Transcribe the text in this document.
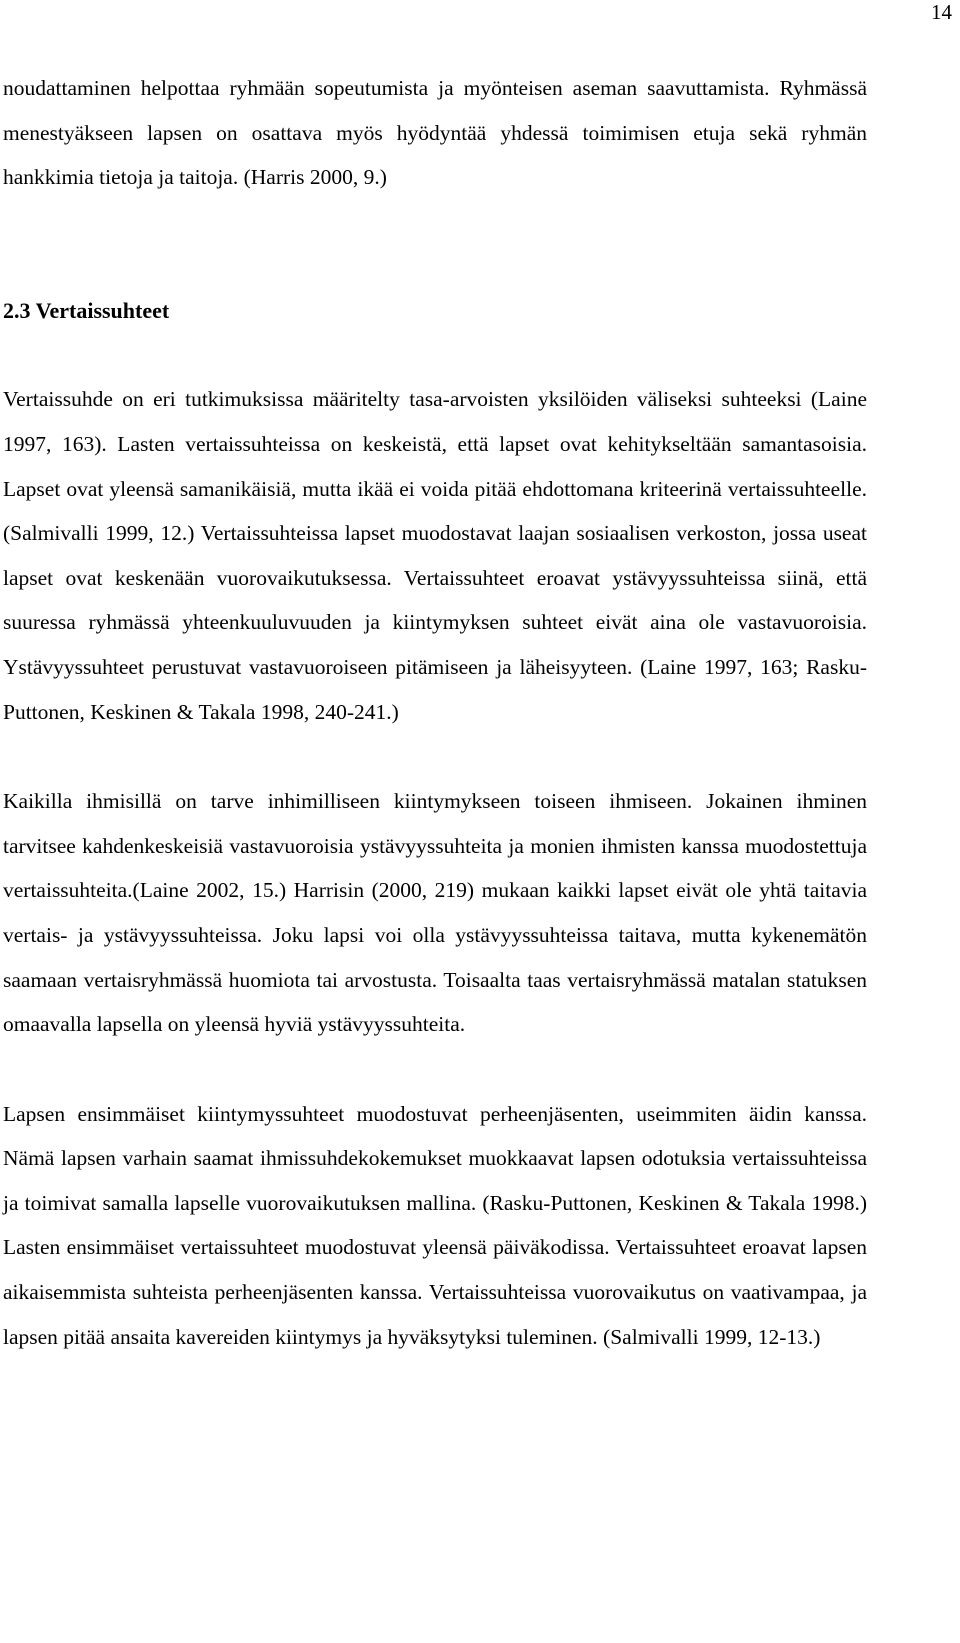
14

noudattaminen helpottaa ryhmään sopeutumista ja myönteisen aseman saavuttamista. Ryhmässä menestyäkseen lapsen on osattava myös hyödyntää yhdessä toimimisen etuja sekä ryhmän hankkimia tietoja ja taitoja. (Harris 2000, 9.)

2.3 Vertaissuhteet

Vertaissuhde on eri tutkimuksissa määritelty tasa-arvoisten yksilöiden väliseksi suhteeksi (Laine 1997, 163). Lasten vertaissuhteissa on keskeistä, että lapset ovat kehitykseltään samantasoisia. Lapset ovat yleensä samanikäisiä, mutta ikää ei voida pitää ehdottomana kriteerinä vertaissuhteelle. (Salmivalli 1999, 12.) Vertaissuhteissa lapset muodostavat laajan sosiaalisen verkoston, jossa useat lapset ovat keskenään vuorovaikutuksessa. Vertaissuhteet eroavat ystävyyssuhteissa siinä, että suuressa ryhmässä yhteenkuuluvuuden ja kiintymyksen suhteet eivät aina ole vastavuoroisia. Ystävyyssuhteet perustuvat vastavuoroiseen pitämiseen ja läheisyyteen. (Laine 1997, 163; Rasku-Puttonen, Keskinen & Takala 1998, 240-241.)

Kaikilla ihmisillä on tarve inhimilliseen kiintymykseen toiseen ihmiseen. Jokainen ihminen tarvitsee kahdenkeskeisiä vastavuoroisia ystävyyssuhteita ja monien ihmisten kanssa muodostettuja vertaissuhteita.(Laine 2002, 15.) Harrisin (2000, 219) mukaan kaikki lapset eivät ole yhtä taitavia vertais- ja ystävyyssuhteissa. Joku lapsi voi olla ystävyyssuhteissa taitava, mutta kykenemätön saamaan vertaisryhmässä huomiota tai arvostusta. Toisaalta taas vertaisryhmässä matalan statuksen omaavalla lapsella on yleensä hyviä ystävyyssuhteita.

Lapsen ensimmäiset kiintymyssuhteet muodostuvat perheenjäsenten, useimmiten äidin kanssa. Nämä lapsen varhain saamat ihmissuhdekokemukset muokkaavat lapsen odotuksia vertaissuhteissa ja toimivat samalla lapselle vuorovaikutuksen mallina. (Rasku-Puttonen, Keskinen & Takala 1998.) Lasten ensimmäiset vertaissuhteet muodostuvat yleensä päiväkodissa. Vertaissuhteet eroavat lapsen aikaisemmista suhteista perheenjäsenten kanssa. Vertaissuhteissa vuorovaikutus on vaativampaa, ja lapsen pitää ansaita kavereiden kiintymys ja hyväksytyksi tuleminen. (Salmivalli 1999, 12-13.)
